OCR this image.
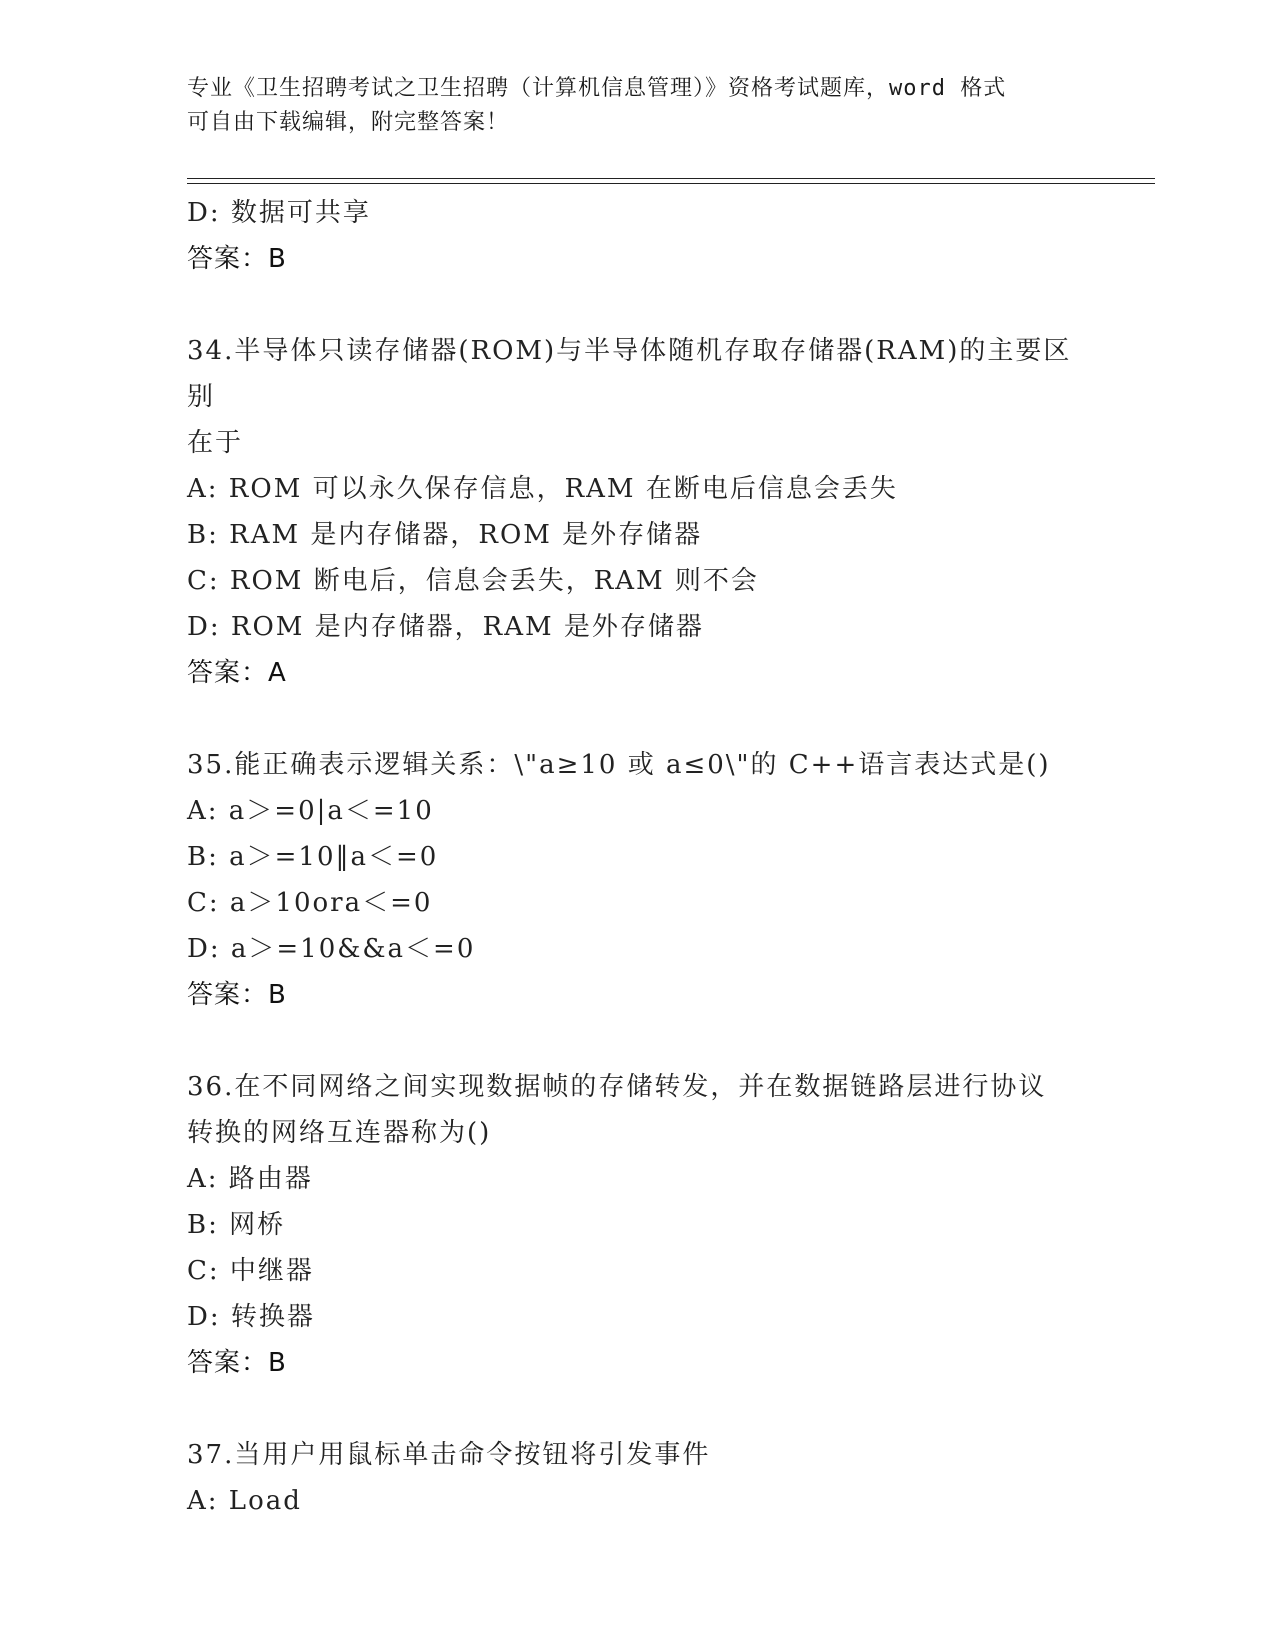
专业《卫生招聘考试之卫生招聘（计算机信息管理）》资格考试题库，word 格式
可自由下载编辑，附完整答案！
D: 数据可共享
答案：B
34.半导体只读存储器(ROM)与半导体随机存取存储器(RAM)的主要区别
在于
A: ROM 可以永久保存信息，RAM 在断电后信息会丢失
B: RAM 是内存储器，ROM 是外存储器
C: ROM 断电后，信息会丢失，RAM 则不会
D: ROM 是内存储器，RAM 是外存储器
答案：A
35.能正确表示逻辑关系：\"a≥10 或 a≤0\"的 C++语言表达式是()
A: a＞=0|a＜=10
B: a＞=10‖a＜=0
C: a＞10ora＜=0
D: a＞=10&&a＜=0
答案：B
36.在不同网络之间实现数据帧的存储转发，并在数据链路层进行协议
转换的网络互连器称为()
A: 路由器
B: 网桥
C: 中继器
D: 转换器
答案：B
37.当用户用鼠标单击命令按钮将引发事件
A: Load
